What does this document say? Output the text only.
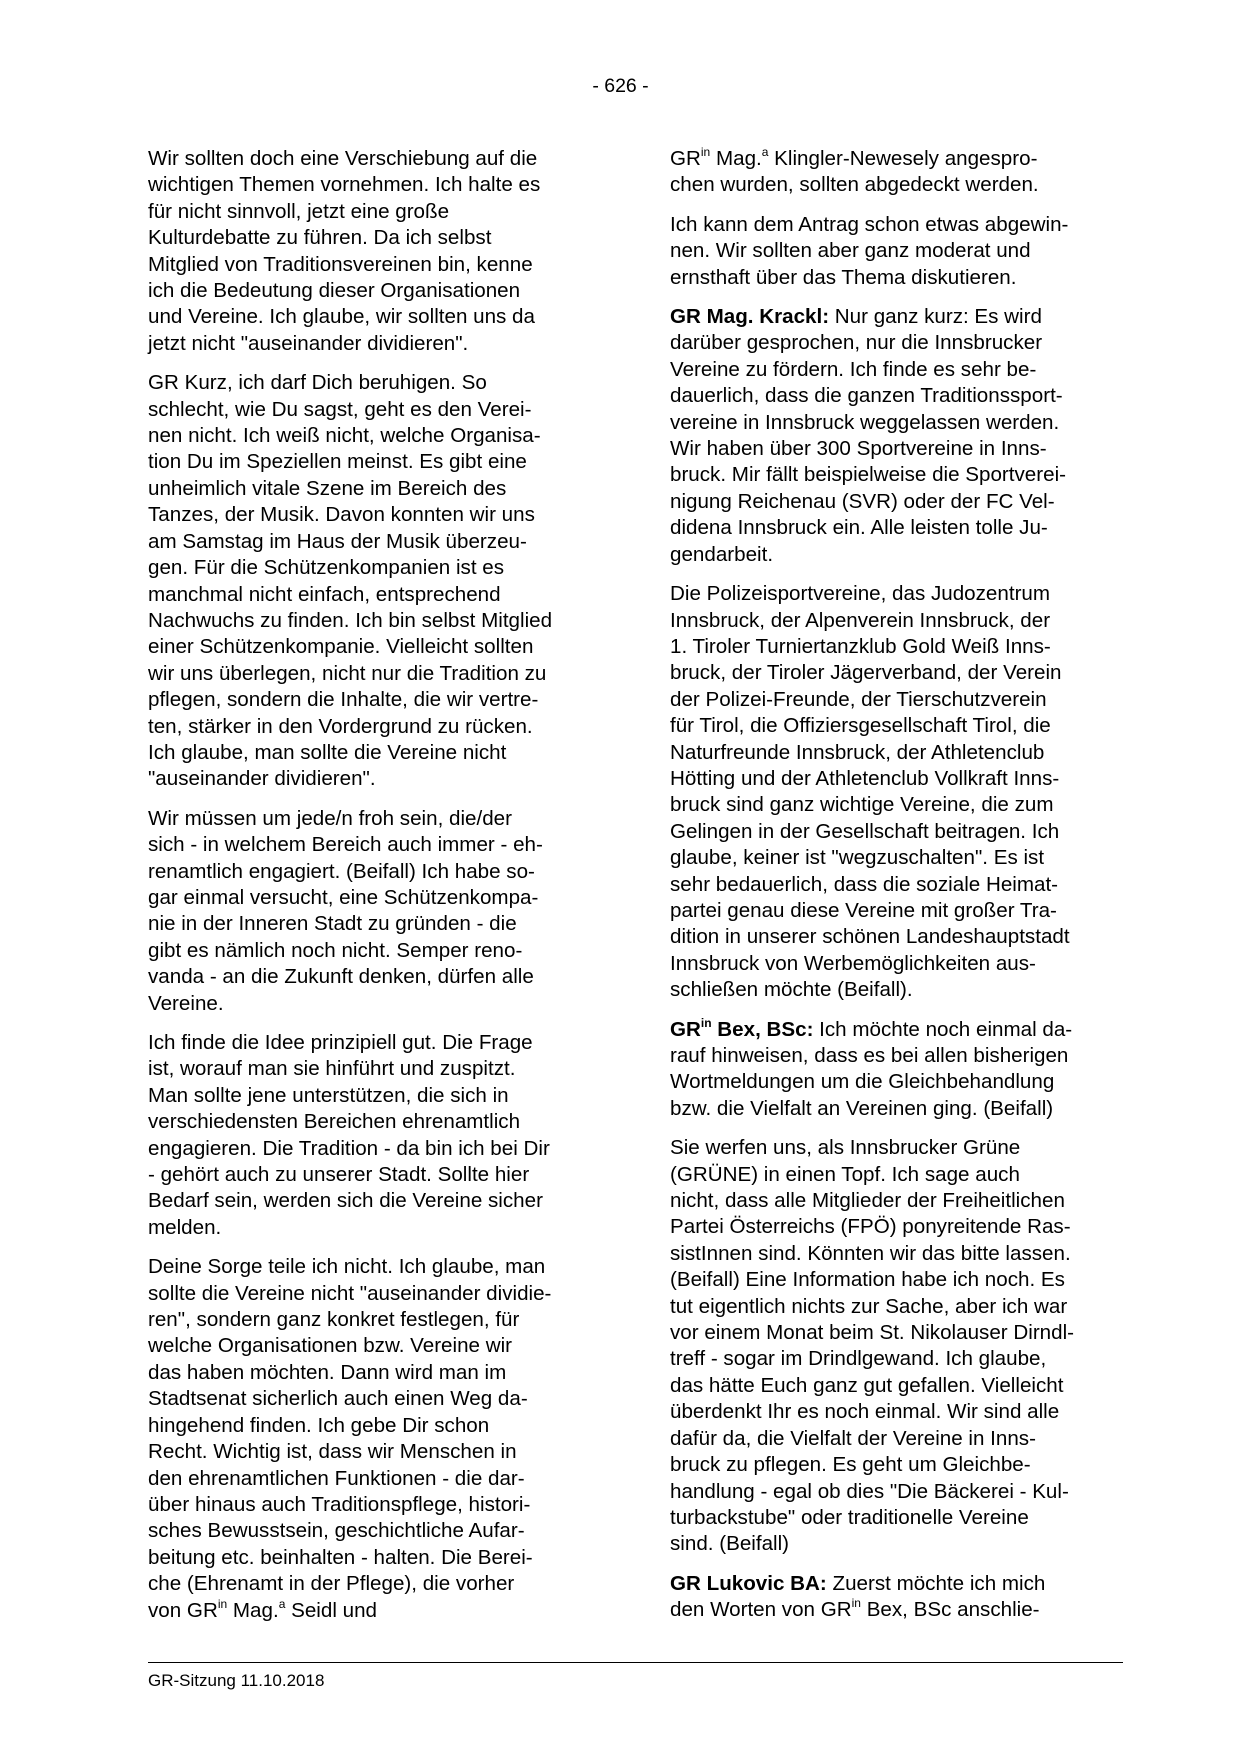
- 626 -

Wir sollten doch eine Verschiebung auf die
wichtigen Themen vornehmen. Ich halte es
für nicht sinnvoll, jetzt eine große
Kulturdebatte zu führen. Da ich selbst
Mitglied von Traditionsvereinen bin, kenne
ich die Bedeutung dieser Organisationen
und Vereine. Ich glaube, wir sollten uns da
jetzt nicht "auseinander dividieren".

GR Kurz, ich darf Dich beruhigen. So
schlecht, wie Du sagst, geht es den Verei-
nen nicht. Ich weiß nicht, welche Organisa-
tion Du im Speziellen meinst. Es gibt eine
unheimlich vitale Szene im Bereich des
Tanzes, der Musik. Davon konnten wir uns
am Samstag im Haus der Musik überzeu-
gen. Für die Schützenkompanien ist es
manchmal nicht einfach, entsprechend
Nachwuchs zu finden. Ich bin selbst Mitglied
einer Schützenkompanie. Vielleicht sollten
wir uns überlegen, nicht nur die Tradition zu
pflegen, sondern die Inhalte, die wir vertre-
ten, stärker in den Vordergrund zu rücken.
Ich glaube, man sollte die Vereine nicht
"auseinander dividieren".

Wir müssen um jede/n froh sein, die/der
sich - in welchem Bereich auch immer - eh-
renamtlich engagiert. (Beifall) Ich habe so-
gar einmal versucht, eine Schützenkompa-
nie in der Inneren Stadt zu gründen - die
gibt es nämlich noch nicht. Semper reno-
vanda - an die Zukunft denken, dürfen alle
Vereine.

Ich finde die Idee prinzipiell gut. Die Frage
ist, worauf man sie hinführt und zuspitzt.
Man sollte jene unterstützen, die sich in
verschiedensten Bereichen ehrenamtlich
engagieren. Die Tradition - da bin ich bei Dir
- gehört auch zu unserer Stadt. Sollte hier
Bedarf sein, werden sich die Vereine sicher
melden.

Deine Sorge teile ich nicht. Ich glaube, man
sollte die Vereine nicht "auseinander dividie-
ren", sondern ganz konkret festlegen, für
welche Organisationen bzw. Vereine wir
das haben möchten. Dann wird man im
Stadtsenat sicherlich auch einen Weg da-
hingehend finden. Ich gebe Dir schon
Recht. Wichtig ist, dass wir Menschen in
den ehrenamtlichen Funktionen - die dar-
über hinaus auch Traditionspflege, histori-
sches Bewusstsein, geschichtliche Aufar-
beitung etc. beinhalten - halten. Die Berei-
che (Ehrenamt in der Pflege), die vorher
von $GR^{in}$ Mag.$^a$ Seidl und

$GR^{in}$ Mag.$^a$ Klingler-Newesely angespro-
chen wurden, sollten abgedeckt werden.

Ich kann dem Antrag schon etwas abgewin-
nen. Wir sollten aber ganz moderat und
ernsthaft über das Thema diskutieren.

GR Mag. Krackl: Nur ganz kurz: Es wird
darüber gesprochen, nur die Innsbrucker
Vereine zu fördern. Ich finde es sehr be-
dauerlich, dass die ganzen Traditionssport-
vereine in Innsbruck weggelassen werden.
Wir haben über 300 Sportvereine in Inns-
bruck. Mir fällt beispielweise die Sportverei-
nigung Reichenau (SVR) oder der FC Vel-
didena Innsbruck ein. Alle leisten tolle Ju-
gendarbeit.

Die Polizeisportvereine, das Judozentrum
Innsbruck, der Alpenverein Innsbruck, der
1. Tiroler Turniertanzklub Gold Weiß Inns-
bruck, der Tiroler Jägerverband, der Verein
der Polizei-Freunde, der Tierschutzverein
für Tirol, die Offiziersgesellschaft Tirol, die
Naturfreunde Innsbruck, der Athletenclub
Hötting und der Athletenclub Vollkraft Inns-
bruck sind ganz wichtige Vereine, die zum
Gelingen in der Gesellschaft beitragen. Ich
glaube, keiner ist "wegzuschalten". Es ist
sehr bedauerlich, dass die soziale Heimat-
partei genau diese Vereine mit großer Tra-
dition in unserer schönen Landeshauptstadt
Innsbruck von Werbemöglichkeiten aus-
schließen möchte (Beifall).

$GR^{in}$ Bex, BSc: Ich möchte noch einmal da-
rauf hinweisen, dass es bei allen bisherigen
Wortmeldungen um die Gleichbehandlung
bzw. die Vielfalt an Vereinen ging. (Beifall)

Sie werfen uns, als Innsbrucker Grüne
(GRÜNE) in einen Topf. Ich sage auch
nicht, dass alle Mitglieder der Freiheitlichen
Partei Österreichs (FPÖ) ponyreitende Ras-
sistInnen sind. Könnten wir das bitte lassen.
(Beifall) Eine Information habe ich noch. Es
tut eigentlich nichts zur Sache, aber ich war
vor einem Monat beim St. Nikolauser Dirndl-
treff - sogar im Drindlgewand. Ich glaube,
das hätte Euch ganz gut gefallen. Vielleicht
überdenkt Ihr es noch einmal. Wir sind alle
dafür da, die Vielfalt der Vereine in Inns-
bruck zu pflegen. Es geht um Gleichbe-
handlung - egal ob dies "Die Bäckerei - Kul-
turbackstube" oder traditionelle Vereine
sind. (Beifall)

GR Lukovic BA: Zuerst möchte ich mich
den Worten von $GR^{in}$ Bex, BSc anschlie-

GR-Sitzung 11.10.2018
